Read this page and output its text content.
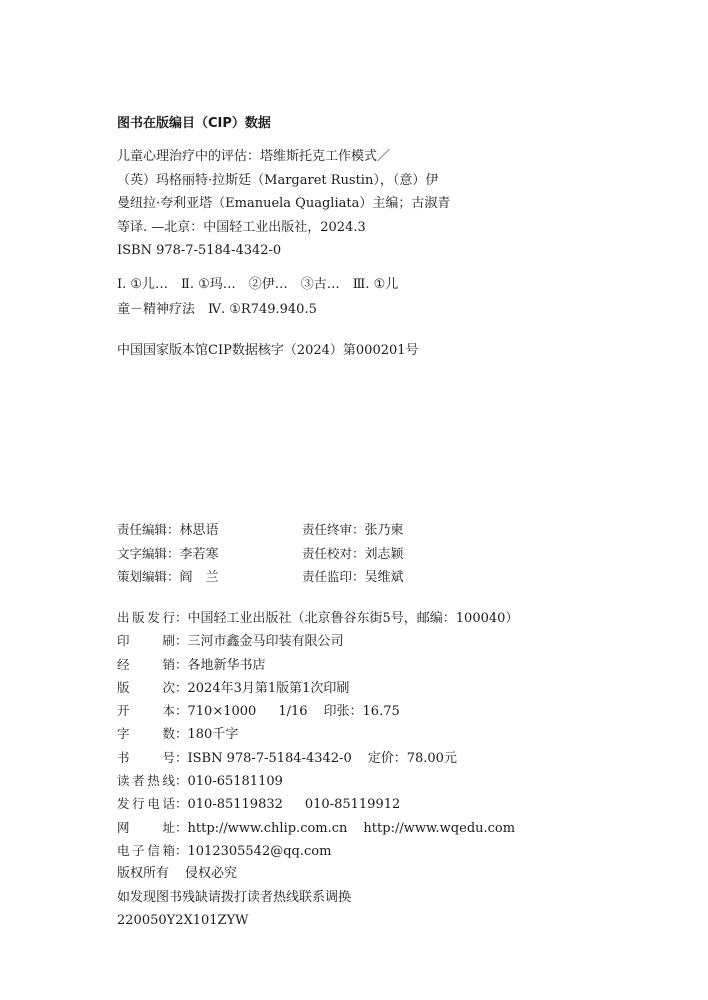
图书在版编目（CIP）数据
儿童心理治疗中的评估：塔维斯托克工作模式／
（英）玛格丽特·拉斯廷（Margaret Rustin），（意）伊
曼纽拉·夸利亚塔（Emanuela Quagliata）主编；古淑青
等译. —北京：中国轻工业出版社，2024.3
ISBN 978-7-5184-4342-0
Ⅰ. ①儿…　Ⅱ. ①玛…　②伊…　③古…　Ⅲ. ①儿
童－精神疗法　Ⅳ. ①R749.940.5
中国国家版本馆CIP数据核字（2024）第000201号
责任编辑：林思语	责任终审：张乃柬
文字编辑：李若寒	责任校对：刘志颖
策划编辑：阎　兰	责任监印：吴维斌
出版发行：中国轻工业出版社（北京鲁谷东街5号，邮编：100040）
印刷：三河市鑫金马印装有限公司
经销：各地新华书店
版次：2024年3月第1版第1次印刷
开本：710×1000 1/16 印张：16.75
字数：180千字
书号：ISBN 978-7-5184-4342-0 定价：78.00元
读者热线：010-65181109
发行电话：010-85119832 010-85119912
网址：http://www.chlip.com.cn http://www.wqedu.com
电子信箱：1012305542@qq.com
版权所有 侵权必究
如发现图书残缺请拨打读者热线联系调换
220050Y2X101ZYW
